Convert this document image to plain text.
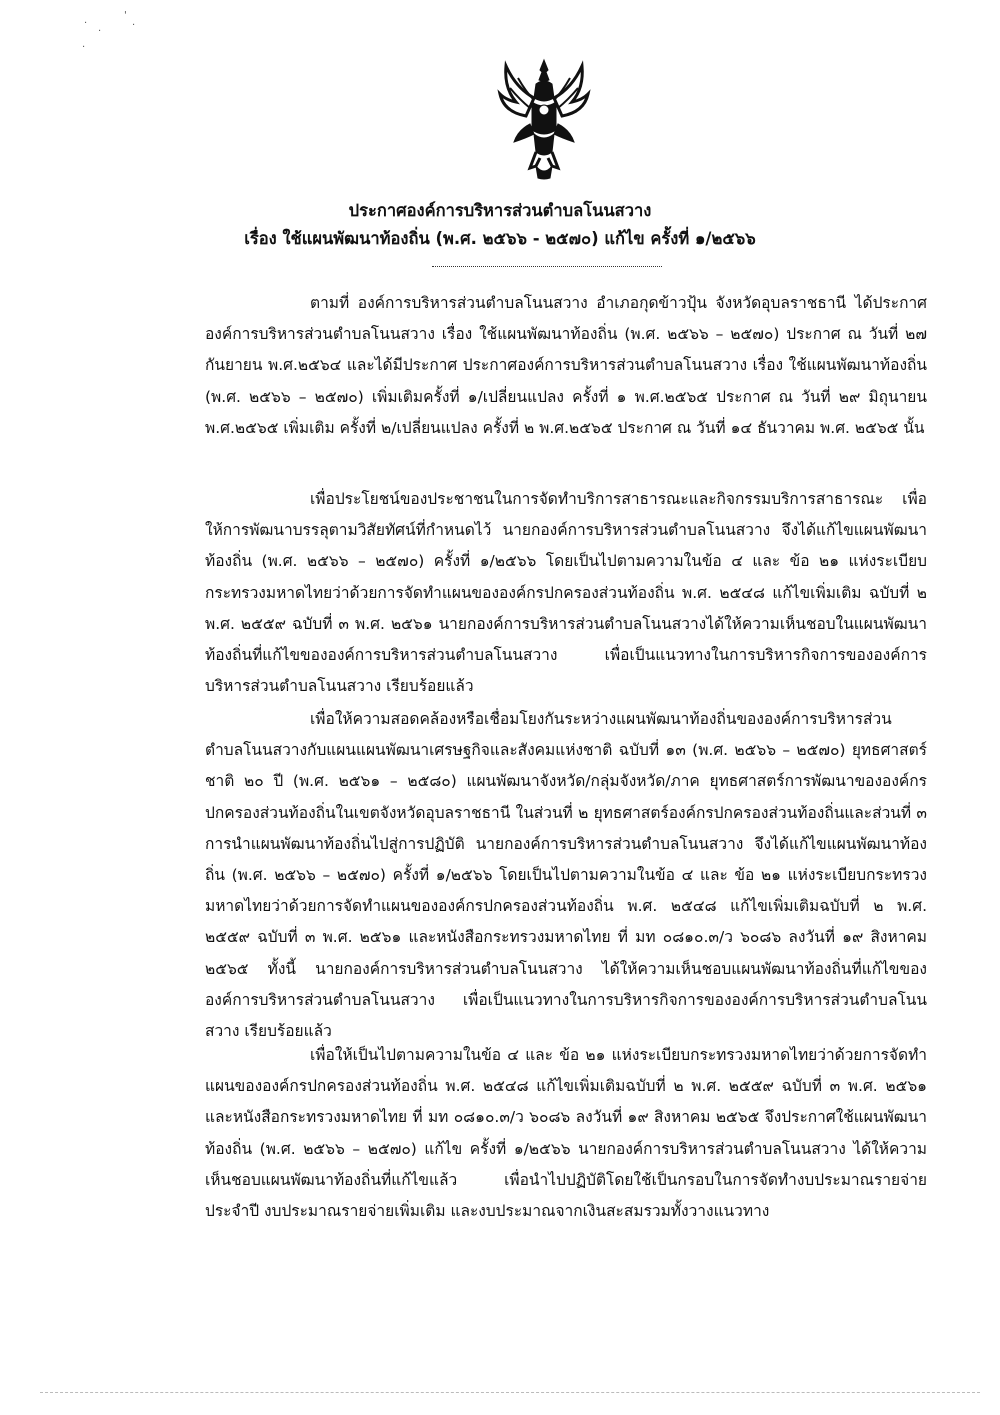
·
·
'
·
·
ประกาศองค์การบริหารส่วนตำบลโนนสวาง
เรื่อง ใช้แผนพัฒนาท้องถิ่น (พ.ศ. ๒๕๖๖ - ๒๕๗๐) แก้ไข ครั้งที่ ๑/๒๕๖๖
ตามที่ องค์การบริหารส่วนตำบลโนนสวาง อำเภอกุดข้าวปุ้น จังหวัดอุบลราชธานี ได้ประกาศองค์การบริหารส่วนตำบลโนนสวาง เรื่อง ใช้แผนพัฒนาท้องถิ่น (พ.ศ. ๒๕๖๖ – ๒๕๗๐) ประกาศ ณ วันที่ ๒๗ กันยายน พ.ศ.๒๕๖๔ และได้มีประกาศ ประกาศองค์การบริหารส่วนตำบลโนนสวาง เรื่อง ใช้แผนพัฒนาท้องถิ่น (พ.ศ. ๒๕๖๖ – ๒๕๗๐) เพิ่มเติมครั้งที่ ๑/เปลี่ยนแปลง ครั้งที่ ๑ พ.ศ.๒๕๖๕ ประกาศ ณ วันที่ ๒๙ มิถุนายน พ.ศ.๒๕๖๕ เพิ่มเติม ครั้งที่ ๒/เปลี่ยนแปลง ครั้งที่ ๒ พ.ศ.๒๕๖๕ ประกาศ ณ วันที่ ๑๔ ธันวาคม พ.ศ. ๒๕๖๕ นั้น
เพื่อประโยชน์ของประชาชนในการจัดทำบริการสาธารณะและกิจกรรมบริการสาธารณะ เพื่อให้การพัฒนาบรรลุตามวิสัยทัศน์ที่กำหนดไว้ นายกองค์การบริหารส่วนตำบลโนนสวาง จึงได้แก้ไขแผนพัฒนาท้องถิ่น (พ.ศ. ๒๕๖๖ – ๒๕๗๐) ครั้งที่ ๑/๒๕๖๖ โดยเป็นไปตามความในข้อ ๔ และ ข้อ ๒๑ แห่งระเบียบกระทรวงมหาดไทยว่าด้วยการจัดทำแผนขององค์กรปกครองส่วนท้องถิ่น พ.ศ. ๒๕๔๘ แก้ไขเพิ่มเติม ฉบับที่ ๒ พ.ศ. ๒๕๕๙ ฉบับที่ ๓ พ.ศ. ๒๕๖๑ นายกองค์การบริหารส่วนตำบลโนนสวางได้ให้ความเห็นชอบในแผนพัฒนาท้องถิ่นที่แก้ไขขององค์การบริหารส่วนตำบลโนนสวาง เพื่อเป็นแนวทางในการบริหารกิจการขององค์การบริหารส่วนตำบลโนนสวาง เรียบร้อยแล้ว
เพื่อให้ความสอดคล้องหรือเชื่อมโยงกันระหว่างแผนพัฒนาท้องถิ่นขององค์การบริหารส่วนตำบลโนนสวางกับแผนแผนพัฒนาเศรษฐกิจและสังคมแห่งชาติ ฉบับที่ ๑๓ (พ.ศ. ๒๕๖๖ – ๒๕๗๐) ยุทธศาสตร์ชาติ ๒๐ ปี (พ.ศ. ๒๕๖๑ – ๒๕๘๐) แผนพัฒนาจังหวัด/กลุ่มจังหวัด/ภาค ยุทธศาสตร์การพัฒนาขององค์กรปกครองส่วนท้องถิ่นในเขตจังหวัดอุบลราชธานี ในส่วนที่ ๒ ยุทธศาสตร์องค์กรปกครองส่วนท้องถิ่นและส่วนที่ ๓ การนำแผนพัฒนาท้องถิ่นไปสู่การปฏิบัติ นายกองค์การบริหารส่วนตำบลโนนสวาง จึงได้แก้ไขแผนพัฒนาท้องถิ่น (พ.ศ. ๒๕๖๖ – ๒๕๗๐) ครั้งที่ ๑/๒๕๖๖ โดยเป็นไปตามความในข้อ ๔ และ ข้อ ๒๑ แห่งระเบียบกระทรวงมหาดไทยว่าด้วยการจัดทำแผนขององค์กรปกครองส่วนท้องถิ่น พ.ศ. ๒๕๔๘ แก้ไขเพิ่มเติมฉบับที่ ๒ พ.ศ. ๒๕๕๙ ฉบับที่ ๓ พ.ศ. ๒๕๖๑ และหนังสือกระทรวงมหาดไทย ที่ มท ๐๘๑๐.๓/ว ๖๐๘๖ ลงวันที่ ๑๙ สิงหาคม ๒๕๖๕ ทั้งนี้ นายกองค์การบริหารส่วนตำบลโนนสวาง ได้ให้ความเห็นชอบแผนพัฒนาท้องถิ่นที่แก้ไขขององค์การบริหารส่วนตำบลโนนสวาง เพื่อเป็นแนวทางในการบริหารกิจการขององค์การบริหารส่วนตำบลโนนสวาง เรียบร้อยแล้ว
เพื่อให้เป็นไปตามความในข้อ ๔ และ ข้อ ๒๑ แห่งระเบียบกระทรวงมหาดไทยว่าด้วยการจัดทำแผนขององค์กรปกครองส่วนท้องถิ่น พ.ศ. ๒๕๔๘ แก้ไขเพิ่มเติมฉบับที่ ๒ พ.ศ. ๒๕๕๙ ฉบับที่ ๓ พ.ศ. ๒๕๖๑ และหนังสือกระทรวงมหาดไทย ที่ มท ๐๘๑๐.๓/ว ๖๐๘๖ ลงวันที่ ๑๙ สิงหาคม ๒๕๖๕ จึงประกาศใช้แผนพัฒนาท้องถิ่น (พ.ศ. ๒๕๖๖ – ๒๕๗๐) แก้ไข ครั้งที่ ๑/๒๕๖๖ นายกองค์การบริหารส่วนตำบลโนนสวาง ได้ให้ความเห็นชอบแผนพัฒนาท้องถิ่นที่แก้ไขแล้ว เพื่อนำไปปฏิบัติโดยใช้เป็นกรอบในการจัดทำงบประมาณรายจ่ายประจำปี งบประมาณรายจ่ายเพิ่มเติม และงบประมาณจากเงินสะสมรวมทั้งวางแนวทาง
